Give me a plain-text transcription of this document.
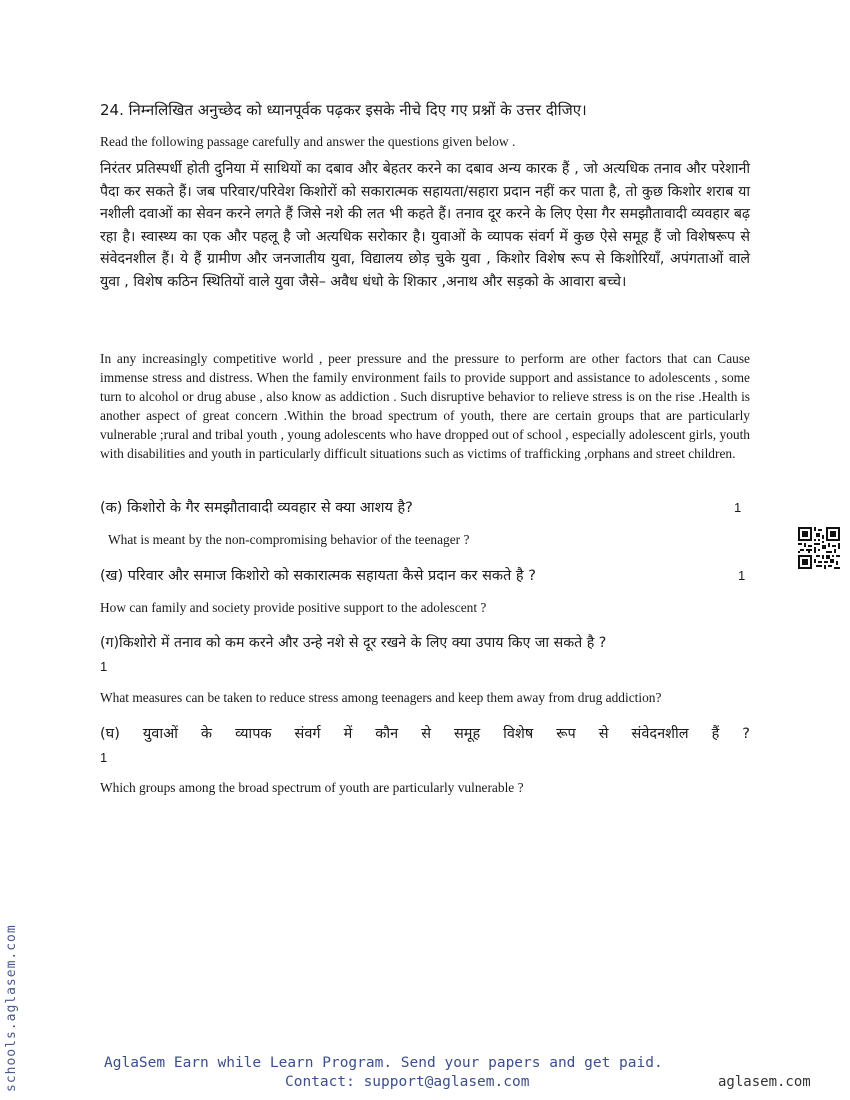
24. निम्नलिखित अनुच्छेद को ध्यानपूर्वक पढ़कर इसके नीचे दिए गए प्रश्नों के उत्तर दीजिए।
Read the following passage carefully and answer the questions given below .

निरंतर प्रतिस्पर्धी होती दुनिया में साथियों का दबाव और बेहतर करने का दबाव अन्य कारक हैं , जो अत्यधिक तनाव और परेशानी पैदा कर सकते हैं। जब परिवार/परिवेश किशोरों को सकारात्मक सहायता/सहारा प्रदान नहीं कर पाता है, तो कुछ किशोर शराब या नशीली दवाओं का सेवन करने लगते हैं जिसे नशे की लत भी कहते हैं। तनाव दूर करने के लिए ऐसा गैर समझौतावादी व्यवहार बढ़ रहा है। स्वास्थ्य का एक और पहलू है जो अत्यधिक सरोकार है। युवाओं के व्यापक संवर्ग में कुछ ऐसे समूह हैं जो विशेषरूप से संवेदनशील हैं। ये हैं ग्रामीण और जनजातीय युवा, विद्यालय छोड़ चुके युवा , किशोर विशेष रूप से किशोरियॉं, अपंगताओं वाले युवा , विशेष कठिन स्थितियों वाले युवा जैसे– अवैध धंधो के शिकार ,अनाथ और सड़को के आवारा बच्चे।

In any increasingly competitive world , peer pressure and the pressure to perform are other factors that can Cause immense stress and distress. When the family environment fails to provide support and assistance to adolescents , some turn to alcohol or drug abuse , also know as addiction . Such disruptive behavior to relieve stress is on the rise .Health is another aspect of great concern .Within the broad spectrum of youth, there are certain groups that are particularly vulnerable ;rural and tribal youth , young adolescents who have dropped out of school , especially adolescent girls, youth with disabilities and youth in particularly difficult situations such as victims of trafficking ,orphans and street children.

(क) किशोरो के गैर समझौतावादी व्यवहार से क्या आशय है?	1
What is meant by the non-compromising behavior of the teenager ?
(ख) परिवार और समाज किशोरो को सकारात्मक सहायता कैसे प्रदान कर सकते है ?	1
How can family and society provide positive support to the adolescent ?
(ग)किशोरो में तनाव को कम करने और उन्हे नशे से दूर रखने के लिए क्या उपाय किए जा सकते है ?
1
What measures can be taken to reduce stress among teenagers and keep them away from drug addiction?
(घ) युवाओं के व्यापक संवर्ग में कौन से समूह विशेष रूप से संवेदनशील हैं ?
1
Which groups among the broad spectrum of youth are particularly vulnerable ?
schools.aglasem.com	AglaSem Earn while Learn Program. Send your papers and get paid.
Contact: support@aglasem.com	aglasem.com
